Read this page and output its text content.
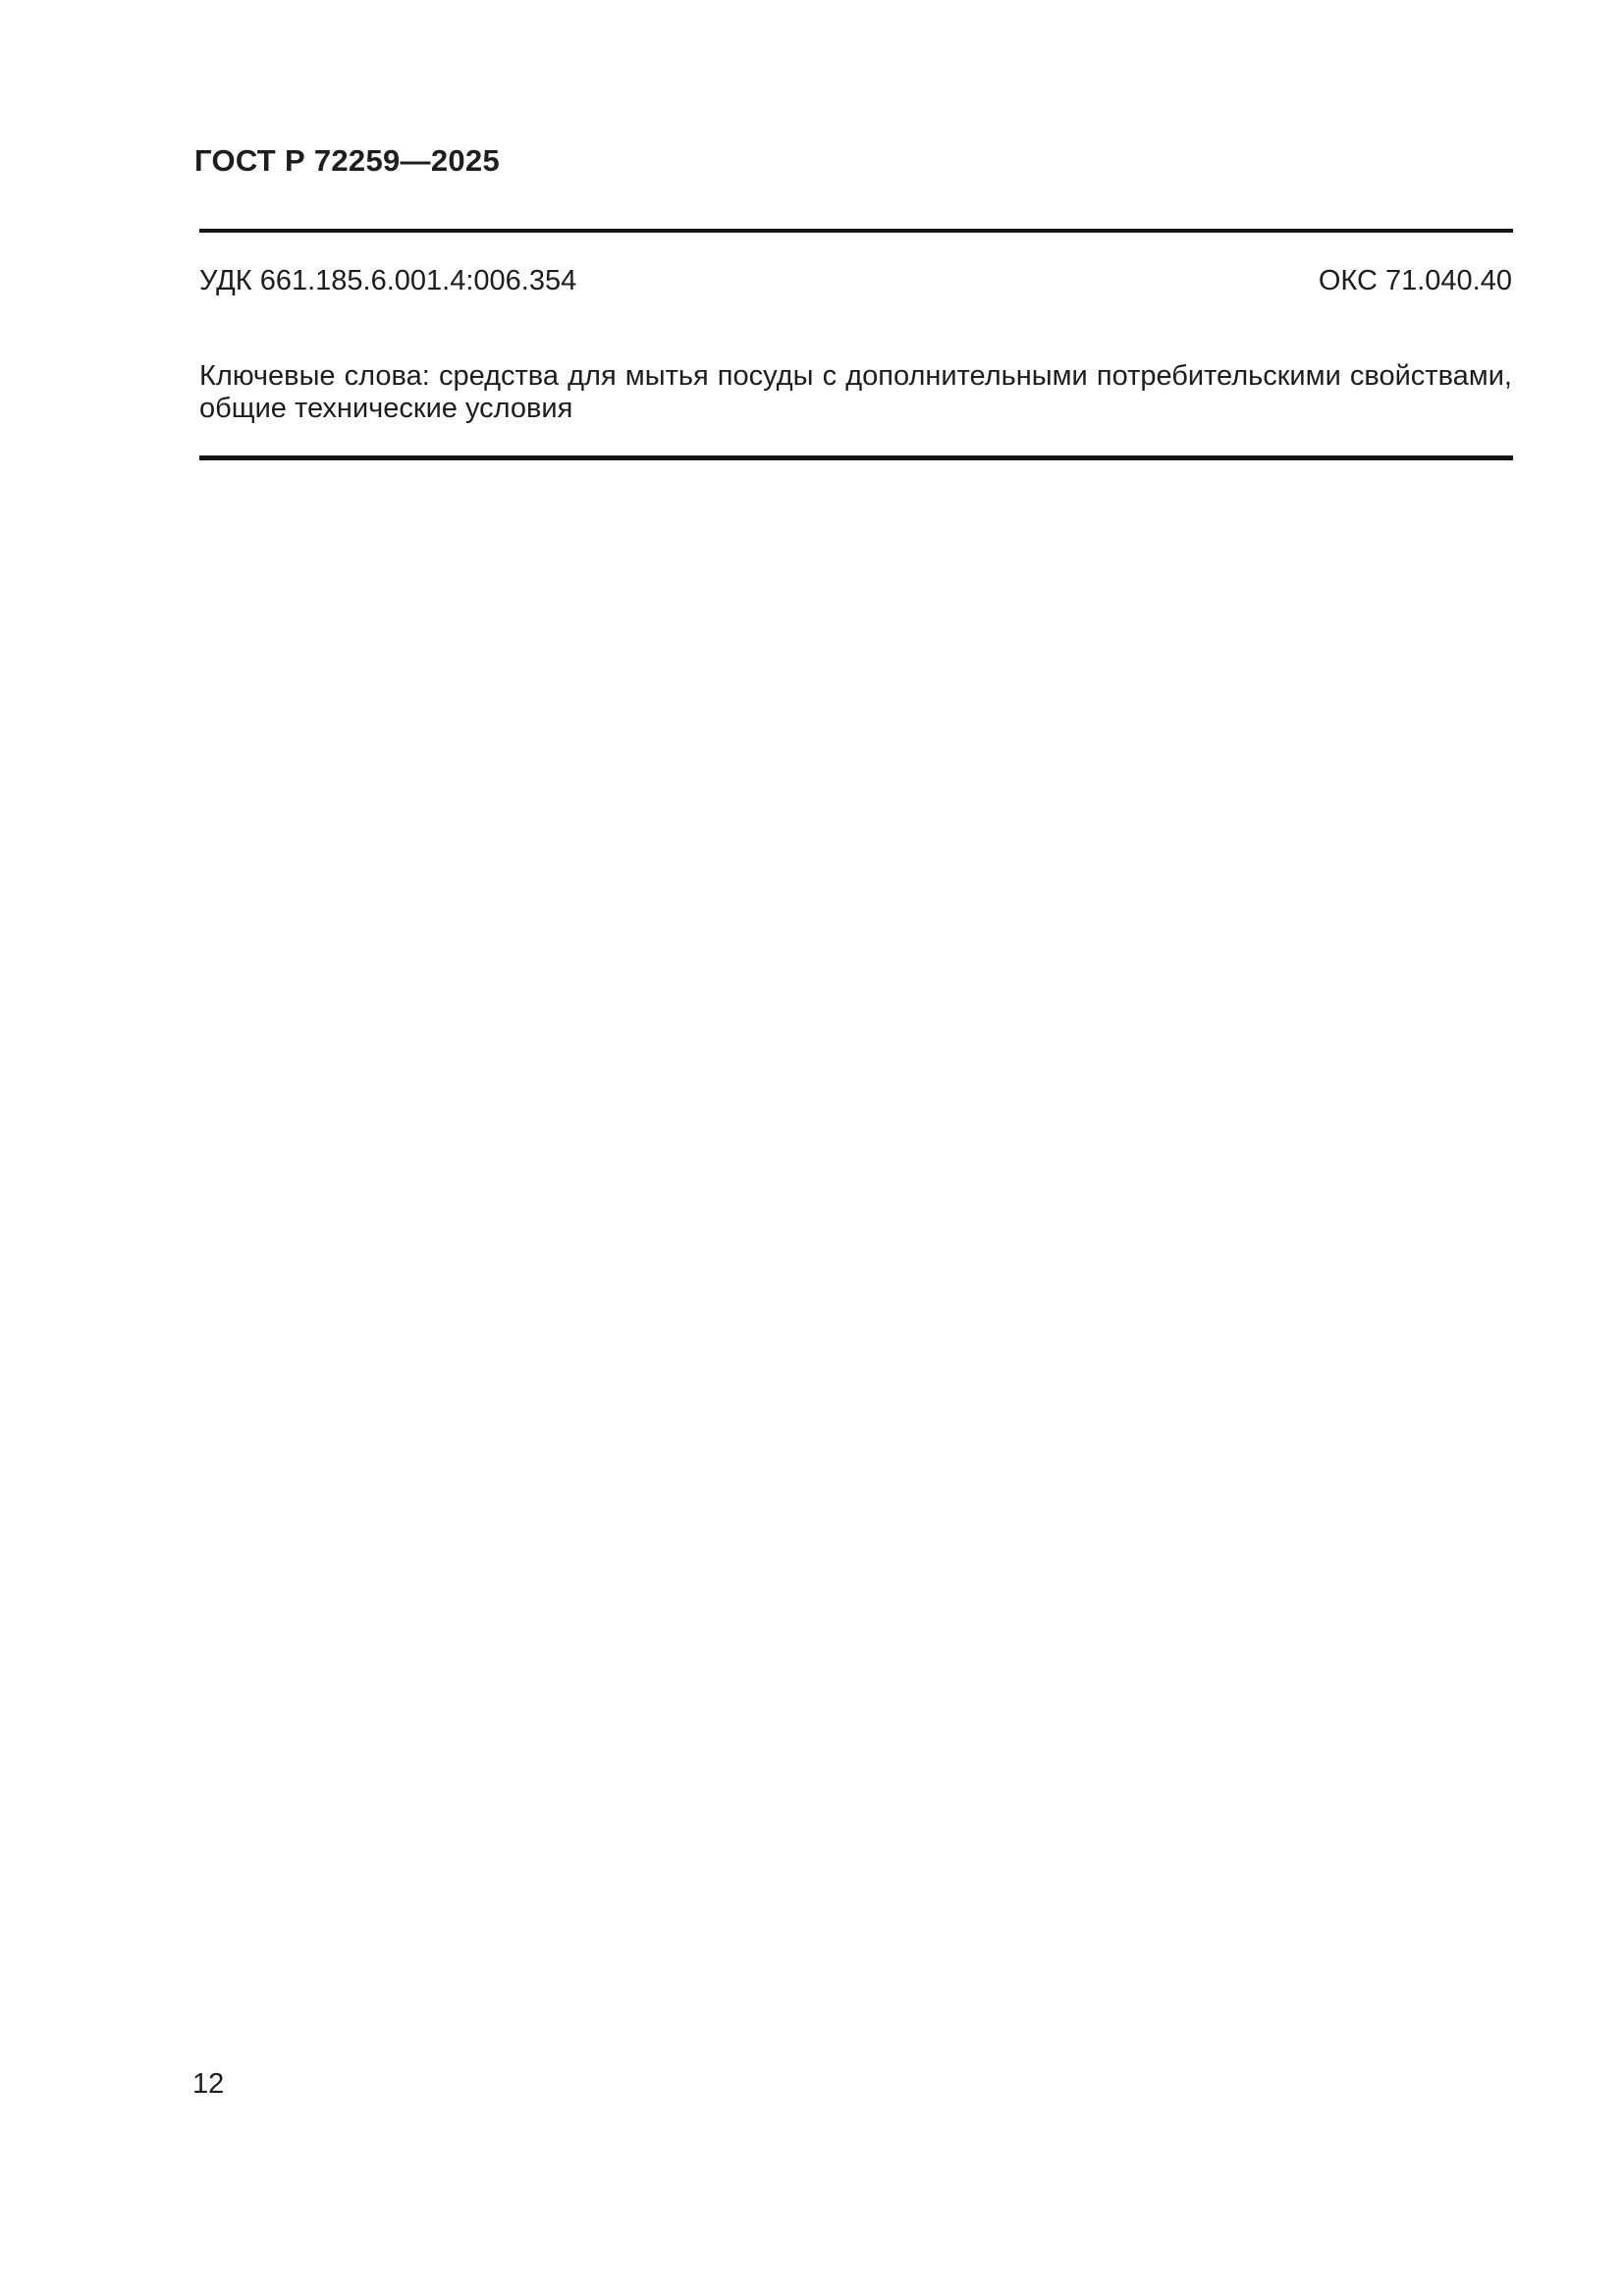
ГОСТ Р 72259—2025
УДК 661.185.6.001.4:006.354	ОКС 71.040.40
Ключевые слова: средства для мытья посуды с дополнительными потребительскими свойствами,
общие технические условия
12
